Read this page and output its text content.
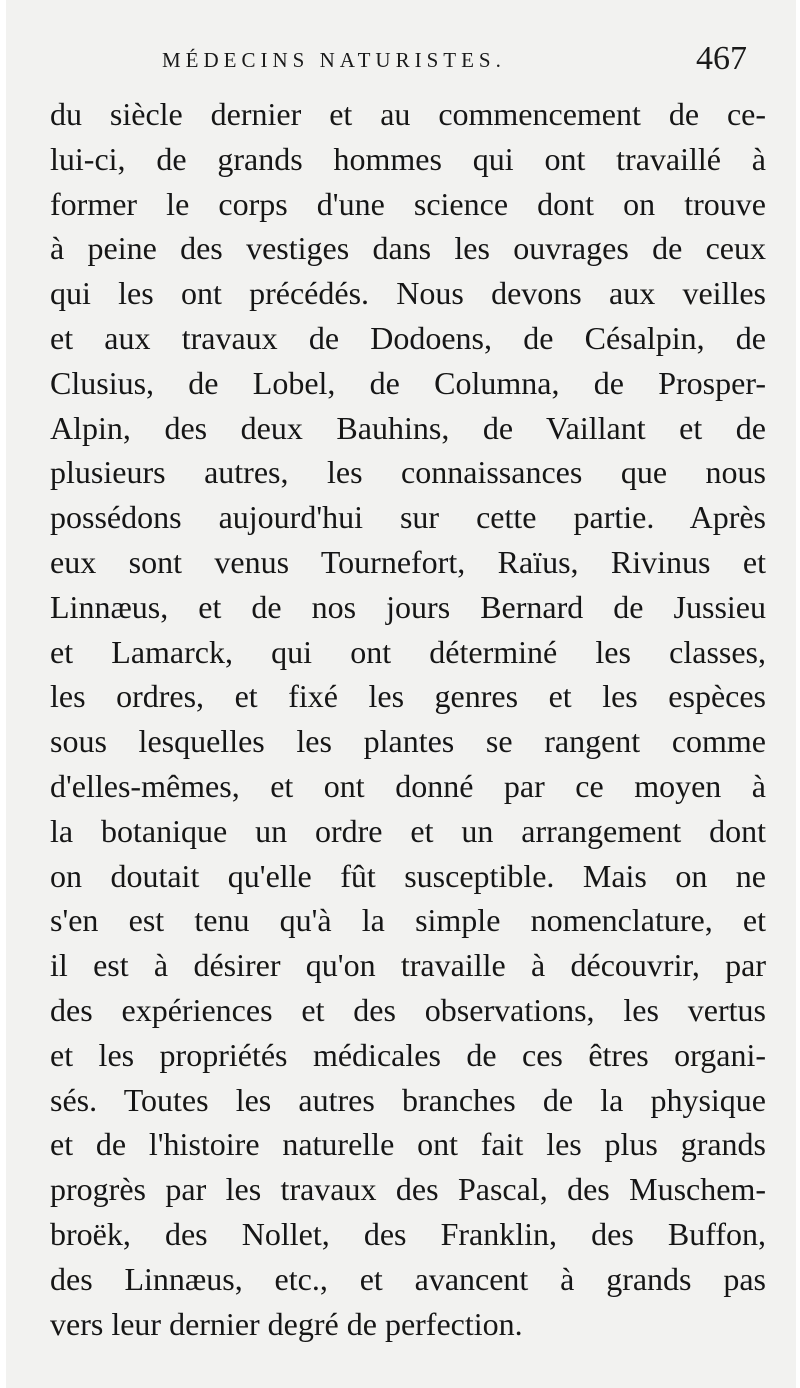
MÉDECINS NATURISTES.	467
du siècle dernier et au commencement de ce-
lui-ci, de grands hommes qui ont travaillé à
former le corps d'une science dont on trouve
à peine des vestiges dans les ouvrages de ceux
qui les ont précédés. Nous devons aux veilles
et aux travaux de Dodoens, de Césalpin, de
Clusius, de Lobel, de Columna, de Prosper-
Alpin, des deux Bauhins, de Vaillant et de
plusieurs autres, les connaissances que nous
possédons aujourd'hui sur cette partie. Après
eux sont venus Tournefort, Raïus, Rivinus et
Linnæus, et de nos jours Bernard de Jussieu
et Lamarck, qui ont déterminé les classes,
les ordres, et fixé les genres et les espèces
sous lesquelles les plantes se rangent comme
d'elles-mêmes, et ont donné par ce moyen à
la botanique un ordre et un arrangement dont
on doutait qu'elle fût susceptible. Mais on ne
s'en est tenu qu'à la simple nomenclature, et
il est à désirer qu'on travaille à découvrir, par
des expériences et des observations, les vertus
et les propriétés médicales de ces êtres organi-
sés. Toutes les autres branches de la physique
et de l'histoire naturelle ont fait les plus grands
progrès par les travaux des Pascal, des Muschem-
broëk, des Nollet, des Franklin, des Buffon,
des Linnæus, etc., et avancent à grands pas
vers leur dernier degré de perfection.
